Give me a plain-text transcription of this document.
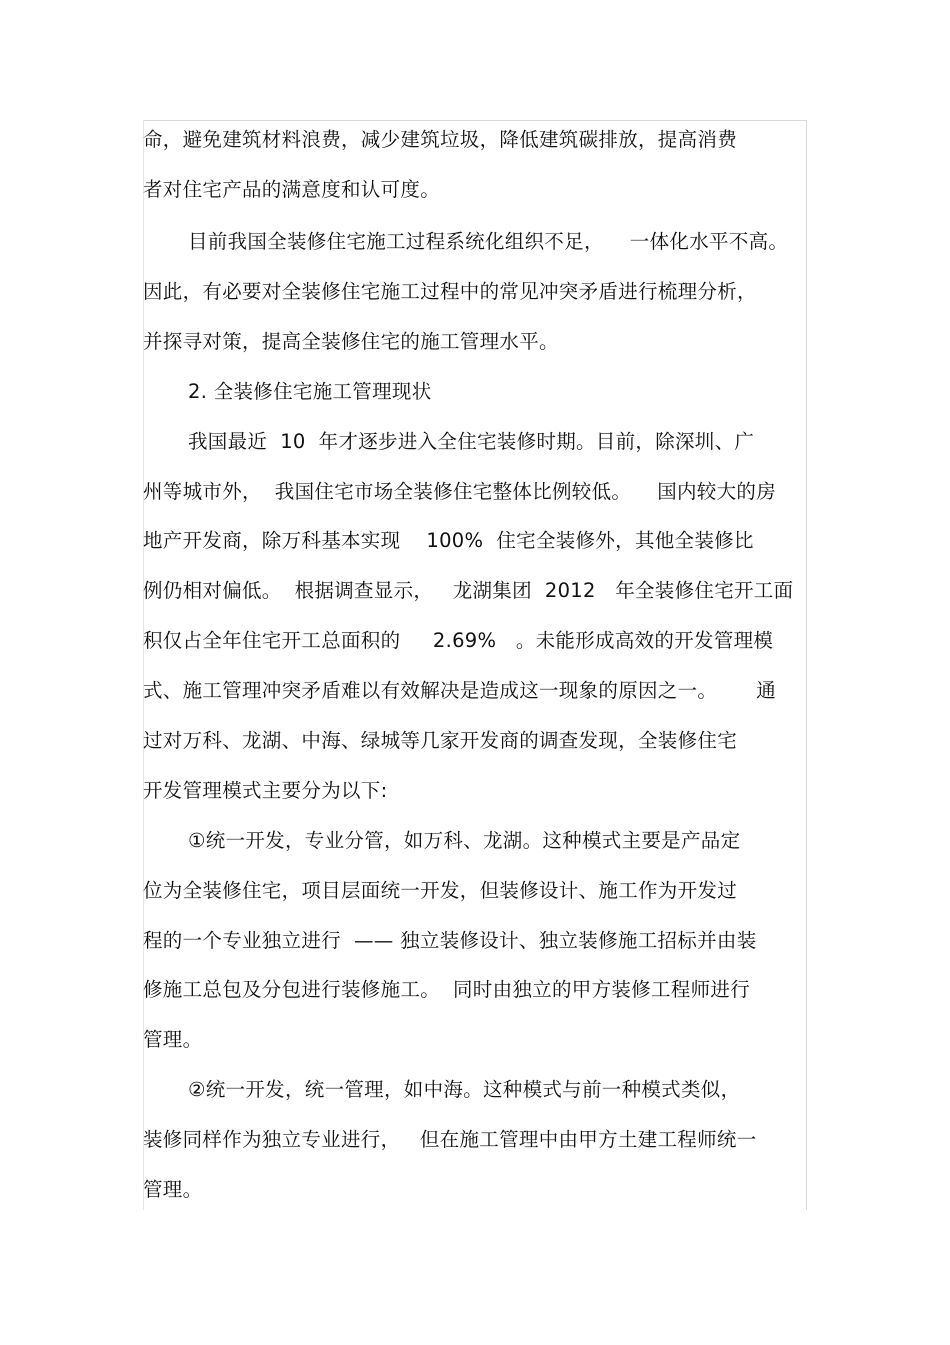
命，避免建筑材料浪费，减少建筑垃圾，降低建筑碳排放，提高消费
者对住宅产品的满意度和认可度。
目前我国全装修住宅施工过程系统化组织不足，    一体化水平不高。
因此，有必要对全装修住宅施工过程中的常见冲突矛盾进行梳理分析，
并探寻对策，提高全装修住宅的施工管理水平。
2. 全装修住宅施工管理现状
我国最近  10  年才逐步进入全住宅装修时期。目前，除深圳、广
州等城市外，  我国住宅市场全装修住宅整体比例较低。    国内较大的房
地产开发商，除万科基本实现    100%  住宅全装修外，其他全装修比
例仍相对偏低。  根据调查显示，   龙湖集团  2012   年全装修住宅开工面
积仅占全年住宅开工总面积的     2.69%   。未能形成高效的开发管理模
式、施工管理冲突矛盾难以有效解决是造成这一现象的原因之一。      通
过对万科、龙湖、中海、绿城等几家开发商的调查发现，全装修住宅
开发管理模式主要分为以下:
①统一开发，专业分管，如万科、龙湖。这种模式主要是产品定
位为全装修住宅，项目层面统一开发，但装修设计、施工作为开发过
程的一个专业独立进行  —— 独立装修设计、独立装修施工招标并由装
修施工总包及分包进行装修施工。  同时由独立的甲方装修工程师进行
管理。
②统一开发，统一管理，如中海。这种模式与前一种模式类似，
装修同样作为独立专业进行，   但在施工管理中由甲方土建工程师统一
管理。
